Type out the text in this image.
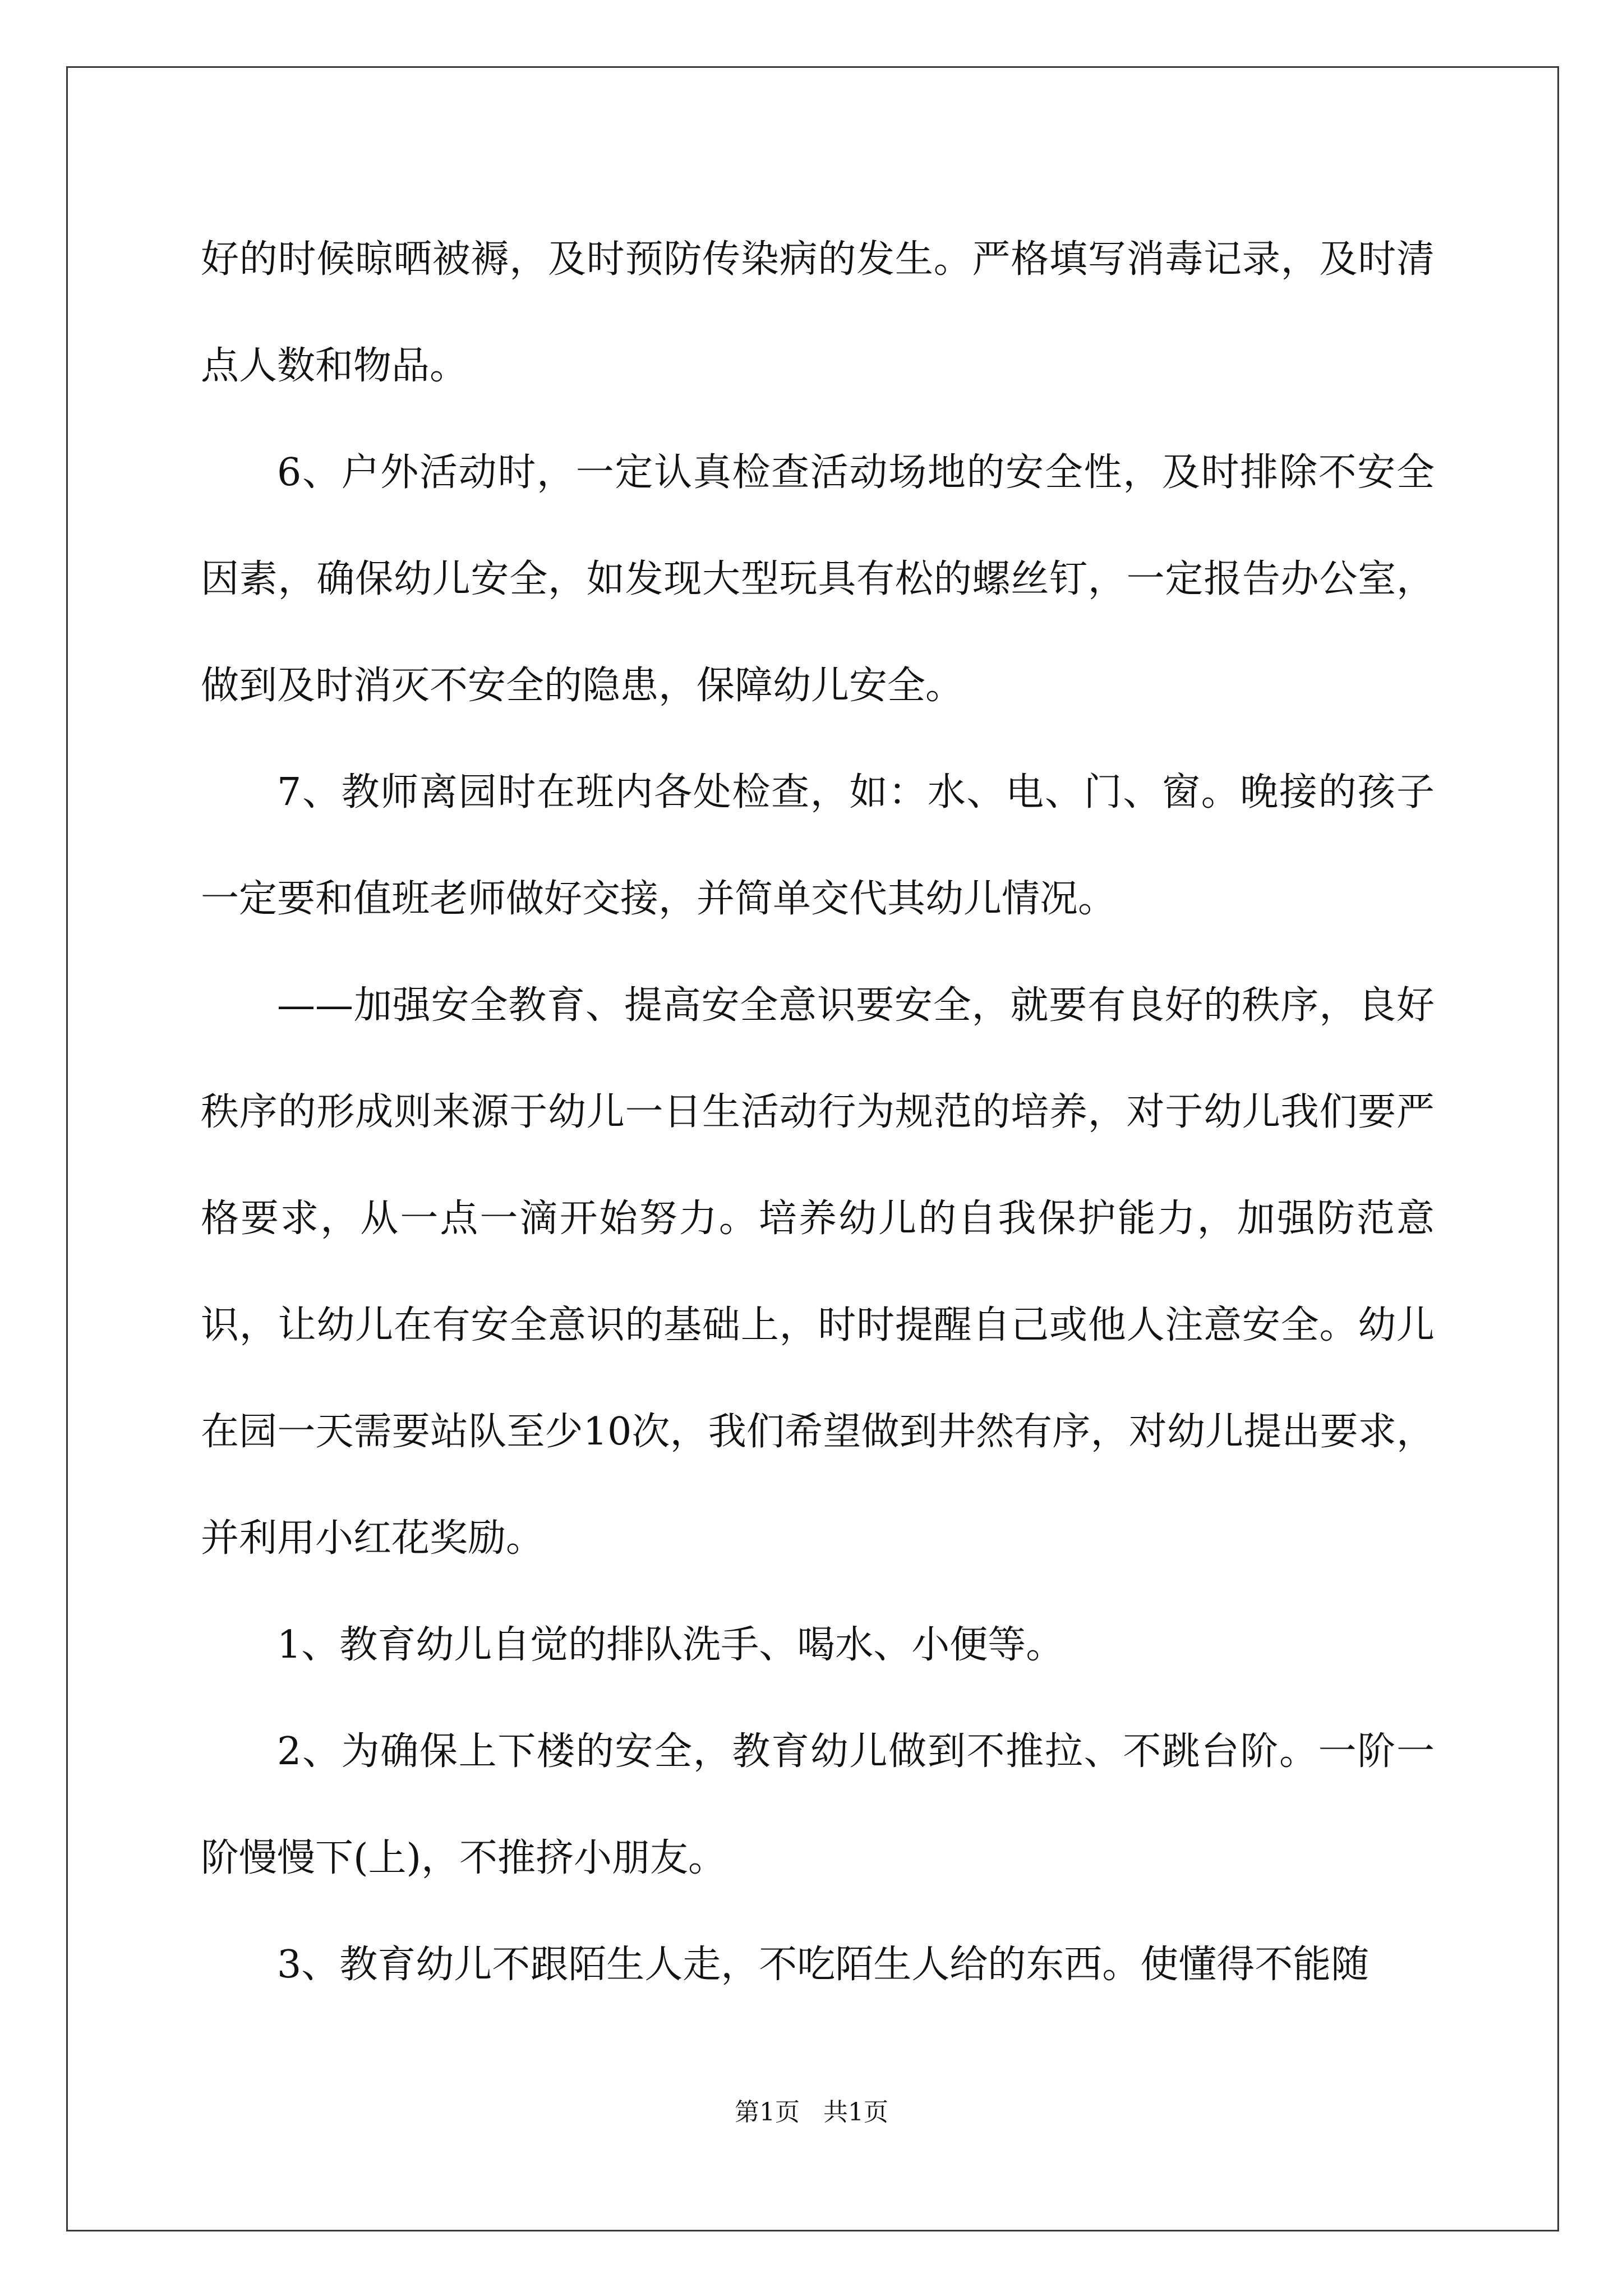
好的时候晾晒被褥，及时预防传染病的发生。严格填写消毒记录，及时清点人数和物品。

6、户外活动时，一定认真检查活动场地的安全性，及时排除不安全因素，确保幼儿安全，如发现大型玩具有松的螺丝钉，一定报告办公室，做到及时消灭不安全的隐患，保障幼儿安全。

7、教师离园时在班内各处检查，如：水、电、门、窗。晚接的孩子一定要和值班老师做好交接，并简单交代其幼儿情况。

——加强安全教育、提高安全意识要安全，就要有良好的秩序，良好秩序的形成则来源于幼儿一日生活动行为规范的培养，对于幼儿我们要严格要求，从一点一滴开始努力。培养幼儿的自我保护能力，加强防范意识，让幼儿在有安全意识的基础上，时时提醒自己或他人注意安全。幼儿在园一天需要站队至少10次，我们希望做到井然有序，对幼儿提出要求，并利用小红花奖励。

1、教育幼儿自觉的排队洗手、喝水、小便等。

2、为确保上下楼的安全，教育幼儿做到不推拉、不跳台阶。一阶一阶慢慢下(上)，不推挤小朋友。

3、教育幼儿不跟陌生人走，不吃陌生人给的东西。使懂得不能随

第1页 共1页
